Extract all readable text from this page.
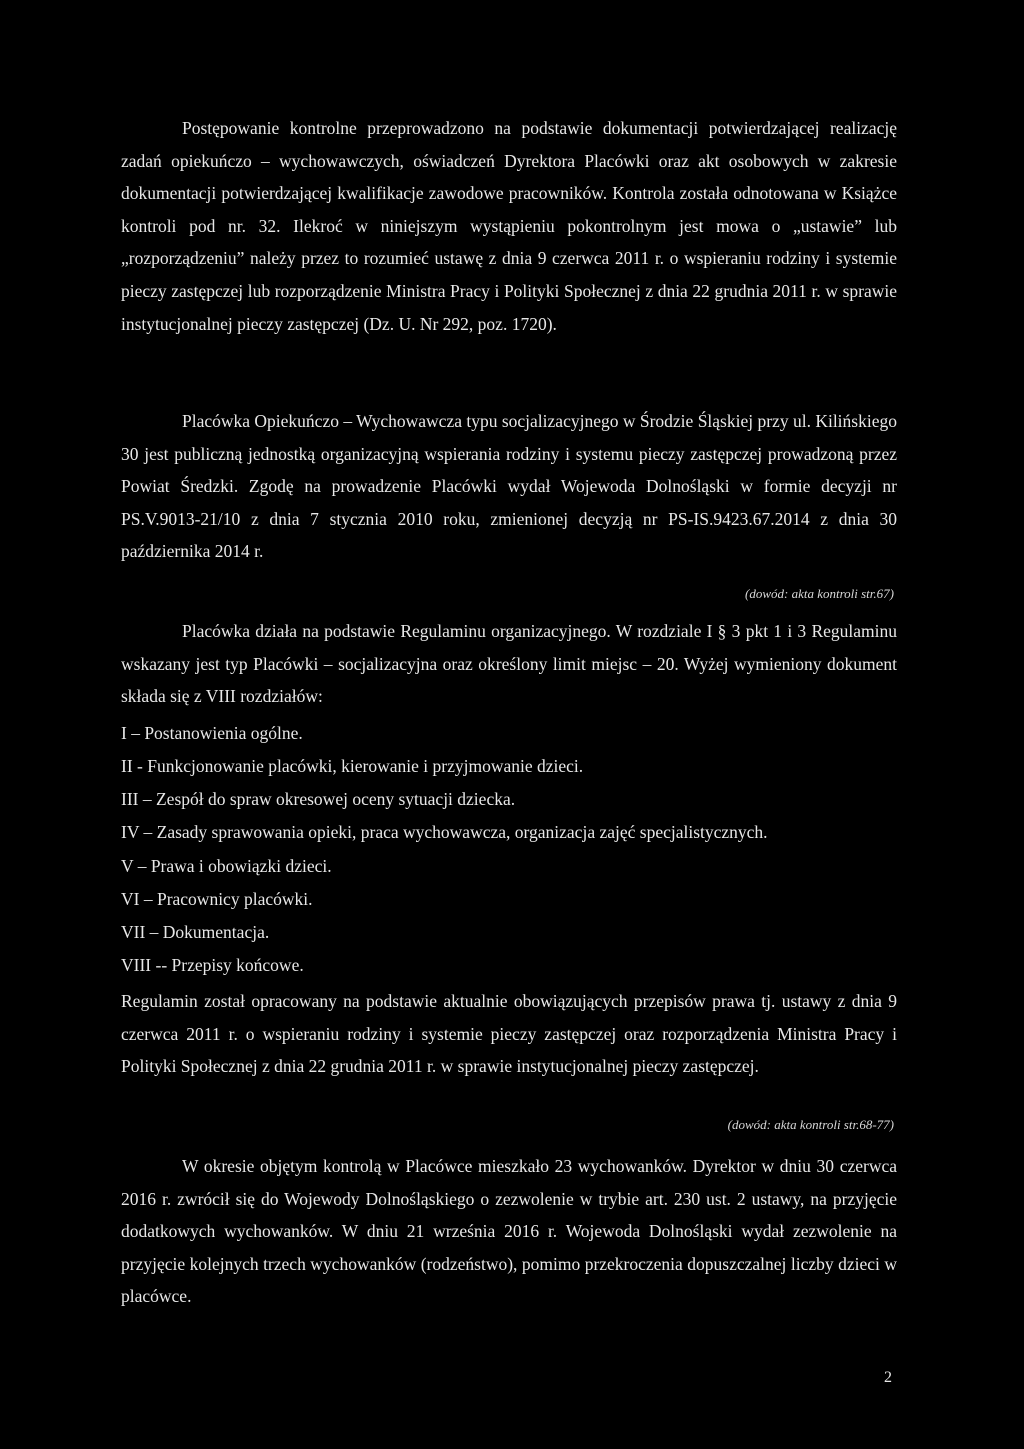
Postępowanie kontrolne przeprowadzono na podstawie dokumentacji potwierdzającej realizację zadań opiekuńczo – wychowawczych, oświadczeń Dyrektora Placówki oraz akt osobowych w zakresie dokumentacji potwierdzającej kwalifikacje zawodowe pracowników. Kontrola została odnotowana w Książce kontroli pod nr. 32. Ilekroć w niniejszym wystąpieniu pokontrolnym jest mowa o „ustawie” lub „rozporządzeniu” należy przez to rozumieć ustawę z dnia 9 czerwca 2011 r. o wspieraniu rodziny i systemie pieczy zastępczej lub rozporządzenie Ministra Pracy i Polityki Społecznej z dnia 22 grudnia 2011 r. w sprawie instytucjonalnej pieczy zastępczej (Dz. U. Nr 292, poz. 1720).

Placówka Opiekuńczo – Wychowawcza typu socjalizacyjnego w Środzie Śląskiej przy ul. Kilińskiego 30 jest publiczną jednostką organizacyjną wspierania rodziny i systemu pieczy zastępczej prowadzoną przez Powiat Średzki. Zgodę na prowadzenie Placówki wydał Wojewoda Dolnośląski w formie decyzji nr PS.V.9013-21/10 z dnia 7 stycznia 2010 roku, zmienionej decyzją nr PS-IS.9423.67.2014 z dnia 30 października 2014 r.

(dowód: akta kontroli str.67)

Placówka działa na podstawie Regulaminu organizacyjnego. W rozdziale I § 3 pkt 1 i 3 Regulaminu wskazany jest typ Placówki – socjalizacyjna oraz określony limit miejsc – 20. Wyżej wymieniony dokument składa się z VIII rozdziałów:

I – Postanowienia ogólne.
II - Funkcjonowanie placówki, kierowanie i przyjmowanie dzieci.
III – Zespół do spraw okresowej oceny sytuacji dziecka.
IV – Zasady sprawowania opieki, praca wychowawcza, organizacja zajęć specjalistycznych.
V – Prawa i obowiązki dzieci.
VI – Pracownicy placówki.
VII – Dokumentacja.
VIII -- Przepisy końcowe.

Regulamin został opracowany na podstawie aktualnie obowiązujących przepisów prawa tj. ustawy z dnia 9 czerwca 2011 r. o wspieraniu rodziny i systemie pieczy zastępczej oraz rozporządzenia Ministra Pracy i Polityki Społecznej z dnia 22 grudnia 2011 r. w sprawie instytucjonalnej pieczy zastępczej.

(dowód: akta kontroli str.68-77)

W okresie objętym kontrolą w Placówce mieszkało 23 wychowanków. Dyrektor w dniu 30 czerwca 2016 r. zwrócił się do Wojewody Dolnośląskiego o zezwolenie w trybie art. 230 ust. 2 ustawy, na przyjęcie dodatkowych wychowanków. W dniu 21 września 2016 r. Wojewoda Dolnośląski wydał zezwolenie na przyjęcie kolejnych trzech wychowanków (rodzeństwo), pomimo przekroczenia dopuszczalnej liczby dzieci w placówce.

2
